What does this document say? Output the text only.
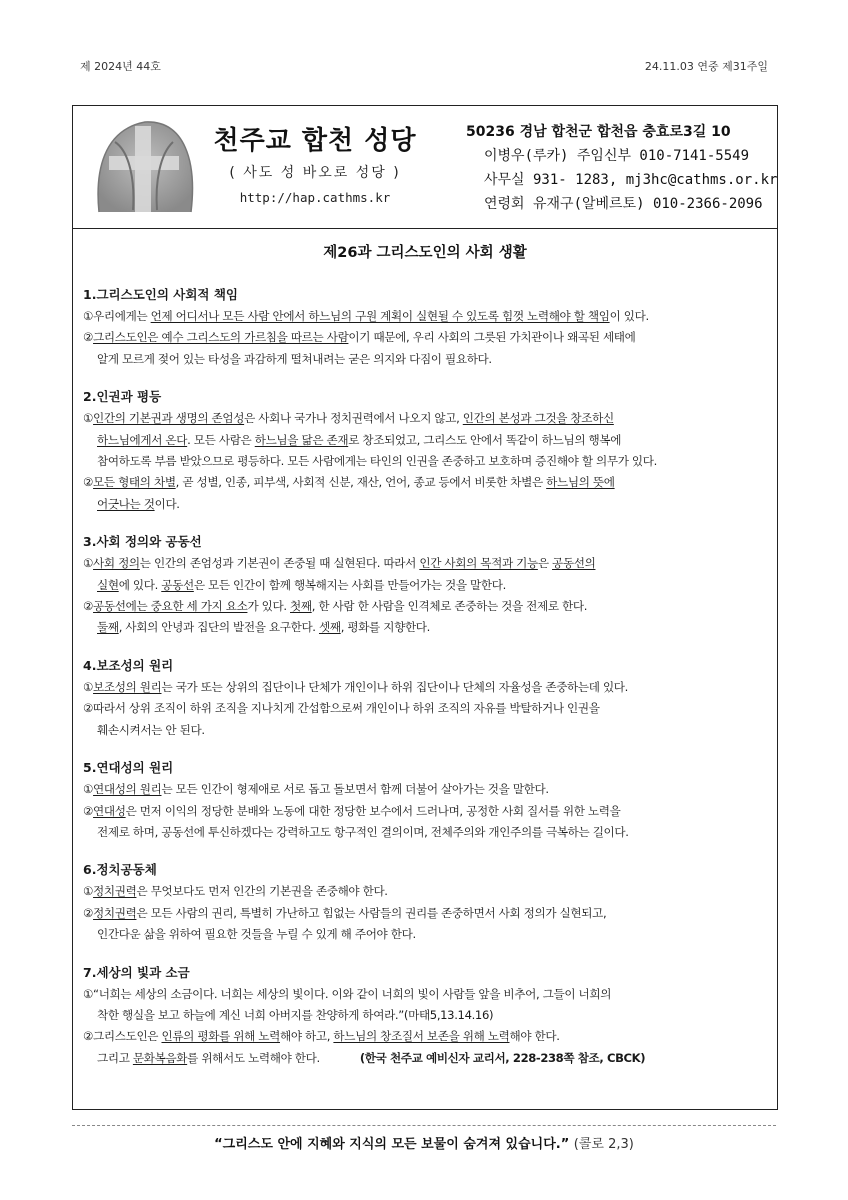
제 2024년 44호	24.11.03 연중 제31주일
천주교 합천 성당
( 사도 성 바오로 성당 )
http://hap.cathms.kr
50236 경남 합천군 합천읍 충효로3길 10
이병우(루카) 주임신부 010-7141-5549
사무실 931- 1283, mj3hc@cathms.or.kr
연령회 유재구(알베르토) 010-2366-2096
제26과 그리스도인의 사회 생활
1.그리스도인의 사회적 책임

①우리에게는 언제 어디서나 모든 사람 안에서 하느님의 구원 계획이 실현될 수 있도록 힘껏 노력해야 할 책임이 있다.

②그리스도인은 예수 그리스도의 가르침을 따르는 사람이기 때문에, 우리 사회의 그릇된 가치관이나 왜곡된 세태에

알게 모르게 젖어 있는 타성을 과감하게 떨쳐내려는 굳은 의지와 다짐이 필요하다.

2.인권과 평등

①인간의 기본권과 생명의 존엄성은 사회나 국가나 정치권력에서 나오지 않고, 인간의 본성과 그것을 창조하신

하느님에게서 온다. 모든 사람은 하느님을 닮은 존재로 창조되었고, 그리스도 안에서 똑같이 하느님의 행복에

참여하도록 부름 받았으므로 평등하다. 모든 사람에게는 타인의 인권을 존중하고 보호하며 증진해야 할 의무가 있다.

②모든 형태의 차별, 곧 성별, 인종, 피부색, 사회적 신분, 재산, 언어, 종교 등에서 비롯한 차별은 하느님의 뜻에

어긋나는 것이다.

3.사회 정의와 공동선

①사회 정의는 인간의 존엄성과 기본권이 존중될 때 실현된다. 따라서 인간 사회의 목적과 기능은 공동선의

실현에 있다. 공동선은 모든 인간이 함께 행복해지는 사회를 만들어가는 것을 말한다.

②공동선에는 중요한 세 가지 요소가 있다. 첫째, 한 사람 한 사람을 인격체로 존중하는 것을 전제로 한다.

둘째, 사회의 안녕과 집단의 발전을 요구한다. 셋째, 평화를 지향한다.

4.보조성의 원리

①보조성의 원리는 국가 또는 상위의 집단이나 단체가 개인이나 하위 집단이나 단체의 자율성을 존중하는데 있다.

②따라서 상위 조직이 하위 조직을 지나치게 간섭함으로써 개인이나 하위 조직의 자유를 박탈하거나 인권을

훼손시켜서는 안 된다.

5.연대성의 원리

①연대성의 원리는 모든 인간이 형제애로 서로 돕고 돌보면서 함께 더불어 살아가는 것을 말한다.

②연대성은 먼저 이익의 정당한 분배와 노동에 대한 정당한 보수에서 드러나며, 공정한 사회 질서를 위한 노력을

전제로 하며, 공동선에 투신하겠다는 강력하고도 항구적인 결의이며, 전체주의와 개인주의를 극복하는 길이다.

6.정치공동체

①정치권력은 무엇보다도 먼저 인간의 기본권을 존중해야 한다.

②정치권력은 모든 사람의 권리, 특별히 가난하고 힘없는 사람들의 권리를 존중하면서 사회 정의가 실현되고,

인간다운 삶을 위하여 필요한 것들을 누릴 수 있게 해 주어야 한다.

7.세상의 빛과 소금

①“너희는 세상의 소금이다. 너희는 세상의 빛이다. 이와 같이 너희의 빛이 사람들 앞을 비추어, 그들이 너희의

착한 행실을 보고 하늘에 계신 너희 아버지를 찬양하게 하여라.”(마태5,13.14.16)

②그리스도인은 인류의 평화를 위해 노력해야 하고, 하느님의 창조질서 보존을 위해 노력해야 한다.

그리고 문화복음화를 위해서도 노력해야 한다.	(한국 천주교 예비신자 교리서, 228-238쪽 참조, CBCK)

“그리스도 안에 지혜와 지식의 모든 보물이 숨겨져 있습니다.” (콜로 2,3)
